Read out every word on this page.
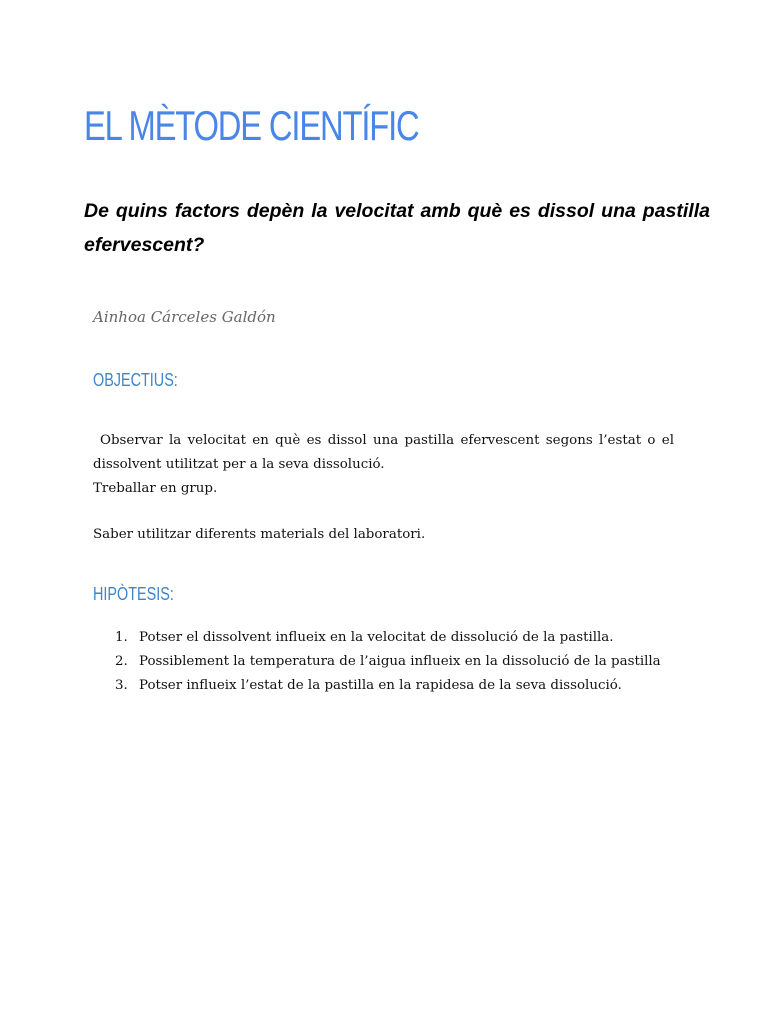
EL MÈTODE CIENTÍFIC

De quins factors depèn la velocitat amb què es dissol una pastilla efervescent?

Ainhoa Cárceles Galdón

OBJECTIUS:

Observar la velocitat en què es dissol una pastilla efervescent segons l’estat o el dissolvent utilitzat per a la seva dissolució.

Treballar en grup.

Saber utilitzar diferents materials del laboratori.

HIPÒTESIS:
1. Potser el dissolvent influeix en la velocitat de dissolució de la pastilla.
2. Possiblement la temperatura de l’aigua influeix en la dissolució de la pastilla
3. Potser influeix l’estat de la pastilla en la rapidesa de la seva dissolució.
